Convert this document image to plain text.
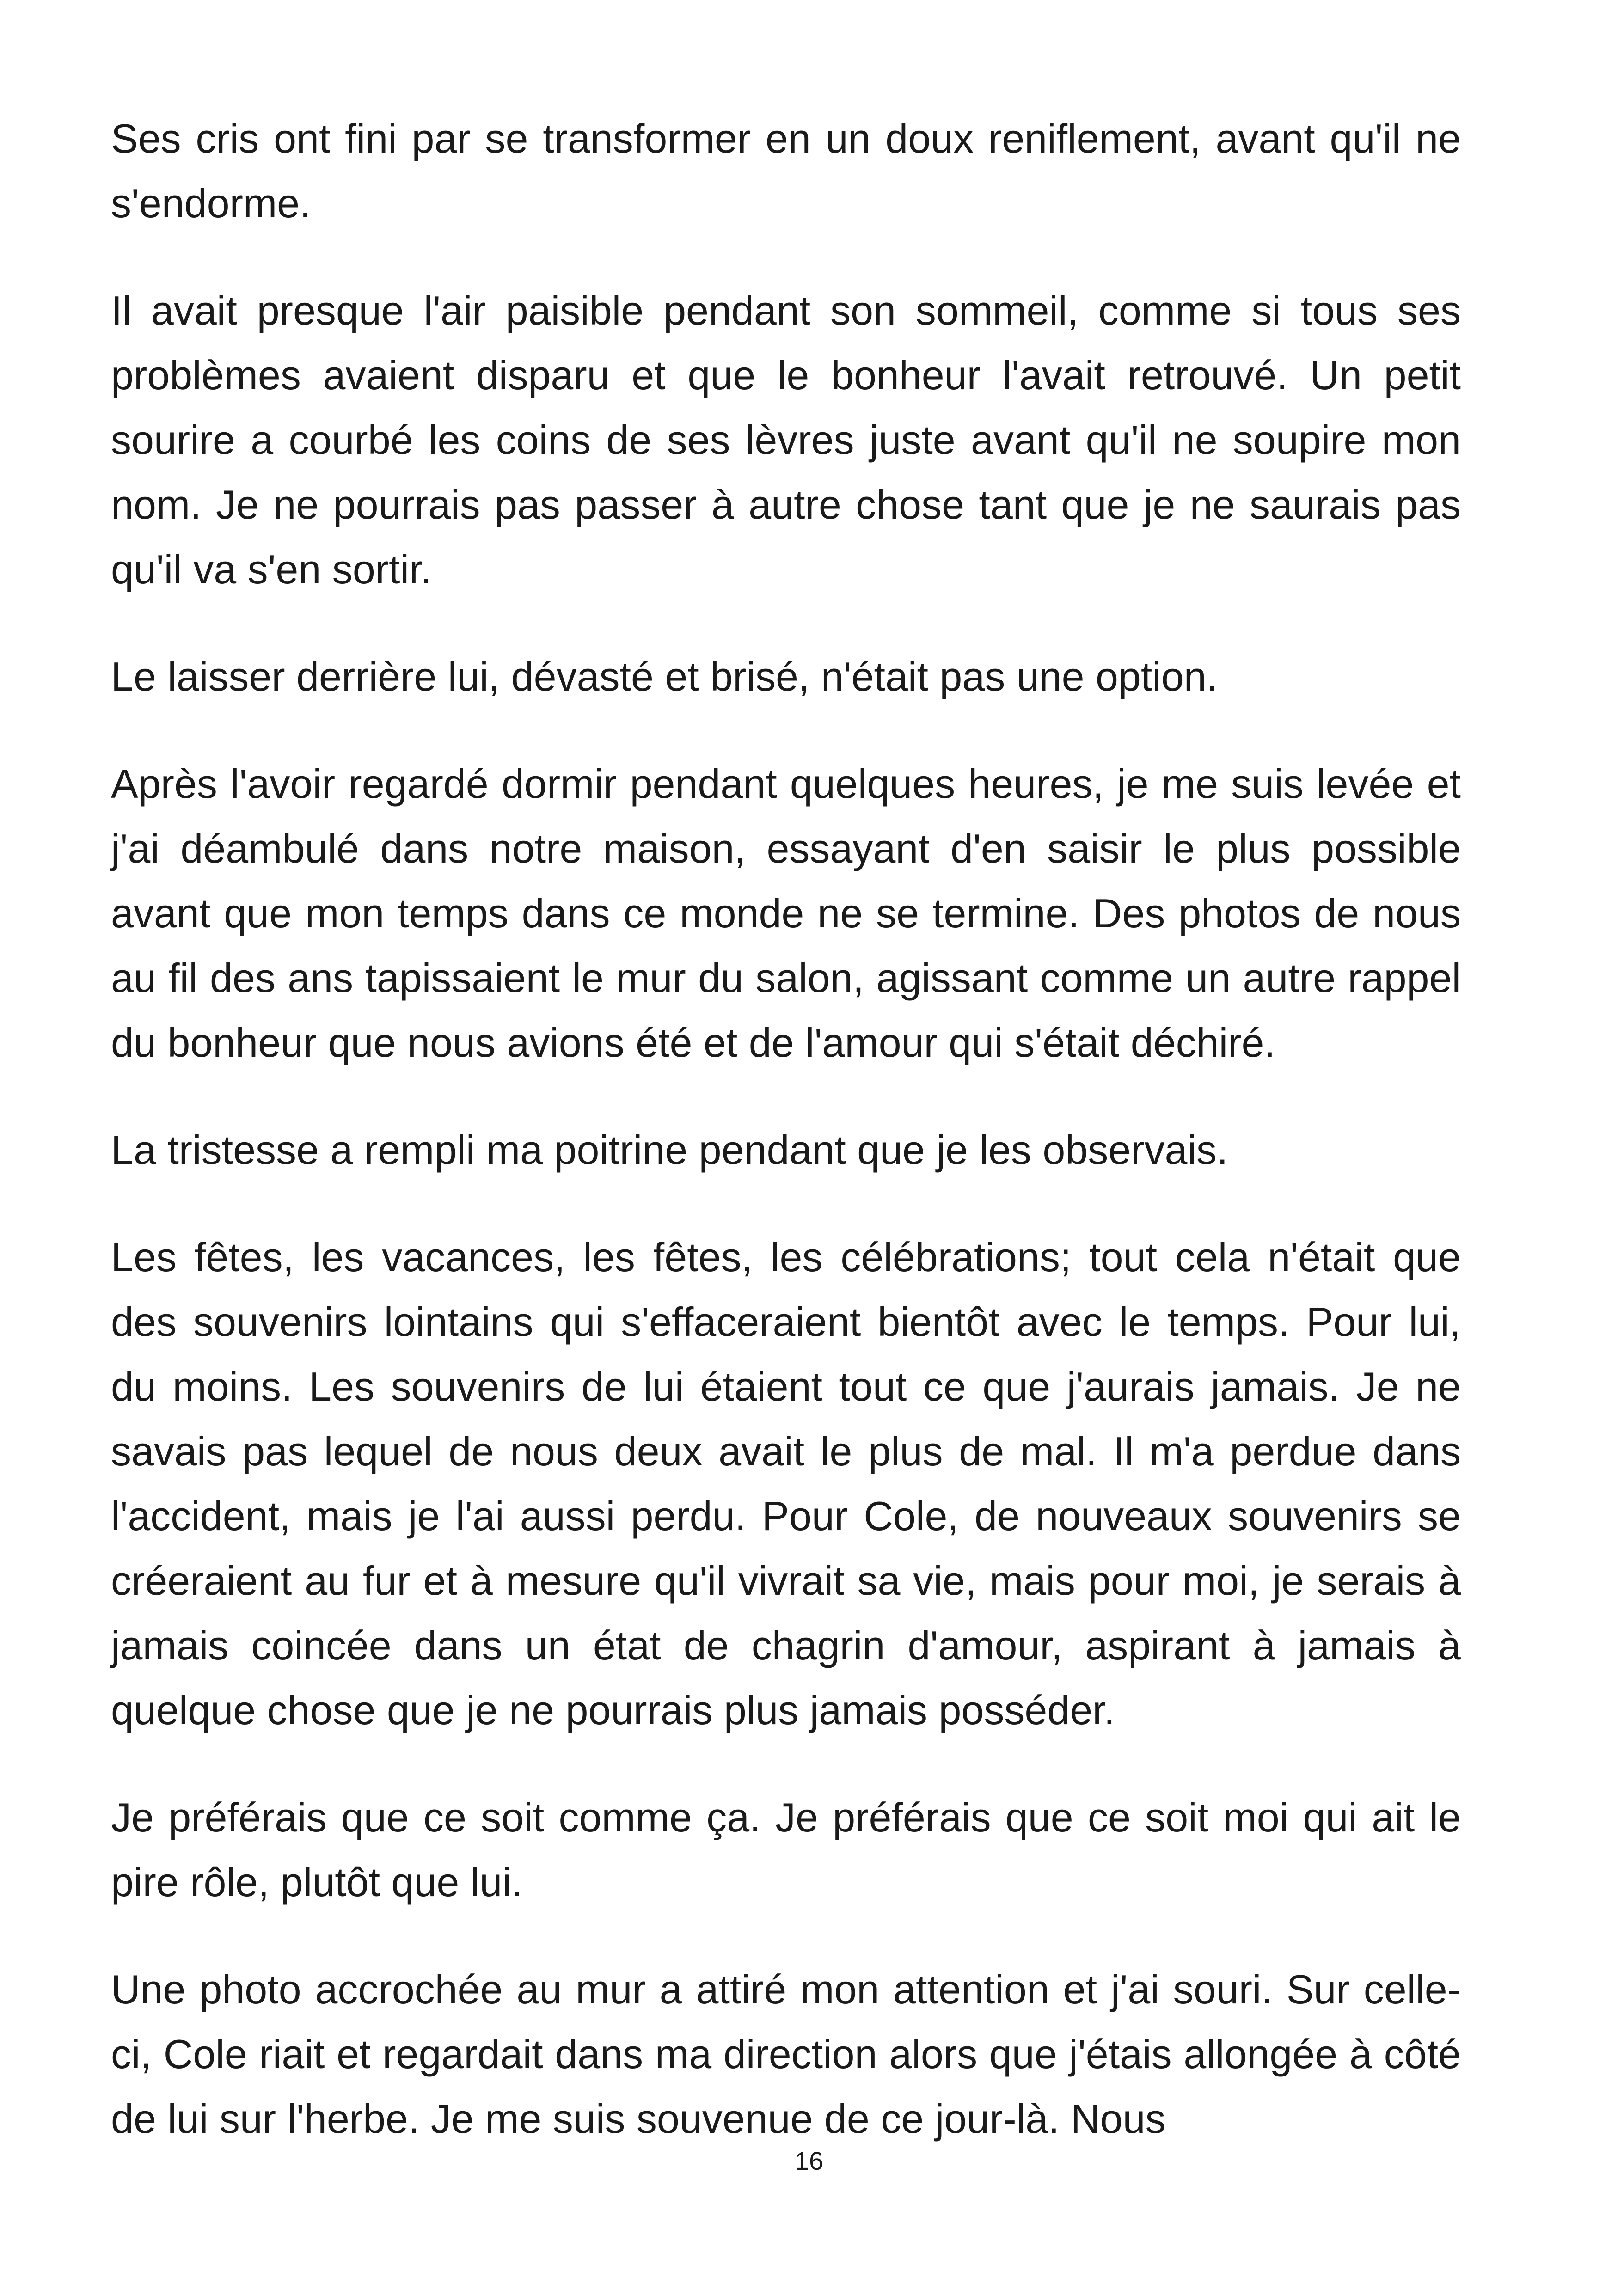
Ses cris ont fini par se transformer en un doux reniflement, avant qu'il ne s'endorme.

Il avait presque l'air paisible pendant son sommeil, comme si tous ses problèmes avaient disparu et que le bonheur l'avait retrouvé. Un petit sourire a courbé les coins de ses lèvres juste avant qu'il ne soupire mon nom. Je ne pourrais pas passer à autre chose tant que je ne saurais pas qu'il va s'en sortir.

Le laisser derrière lui, dévasté et brisé, n'était pas une option.

Après l'avoir regardé dormir pendant quelques heures, je me suis levée et j'ai déambulé dans notre maison, essayant d'en saisir le plus possible avant que mon temps dans ce monde ne se termine. Des photos de nous au fil des ans tapissaient le mur du salon, agissant comme un autre rappel du bonheur que nous avions été et de l'amour qui s'était déchiré.

La tristesse a rempli ma poitrine pendant que je les observais.

Les fêtes, les vacances, les fêtes, les célébrations; tout cela n'était que des souvenirs lointains qui s'effaceraient bientôt avec le temps. Pour lui, du moins. Les souvenirs de lui étaient tout ce que j'aurais jamais. Je ne savais pas lequel de nous deux avait le plus de mal. Il m'a perdue dans l'accident, mais je l'ai aussi perdu. Pour Cole, de nouveaux souvenirs se créeraient au fur et à mesure qu'il vivrait sa vie, mais pour moi, je serais à jamais coincée dans un état de chagrin d'amour, aspirant à jamais à quelque chose que je ne pourrais plus jamais posséder.

Je préférais que ce soit comme ça. Je préférais que ce soit moi qui ait le pire rôle, plutôt que lui.

Une photo accrochée au mur a attiré mon attention et j'ai souri. Sur celle-ci, Cole riait et regardait dans ma direction alors que j'étais allongée à côté de lui sur l'herbe. Je me suis souvenue de ce jour-là. Nous

16
